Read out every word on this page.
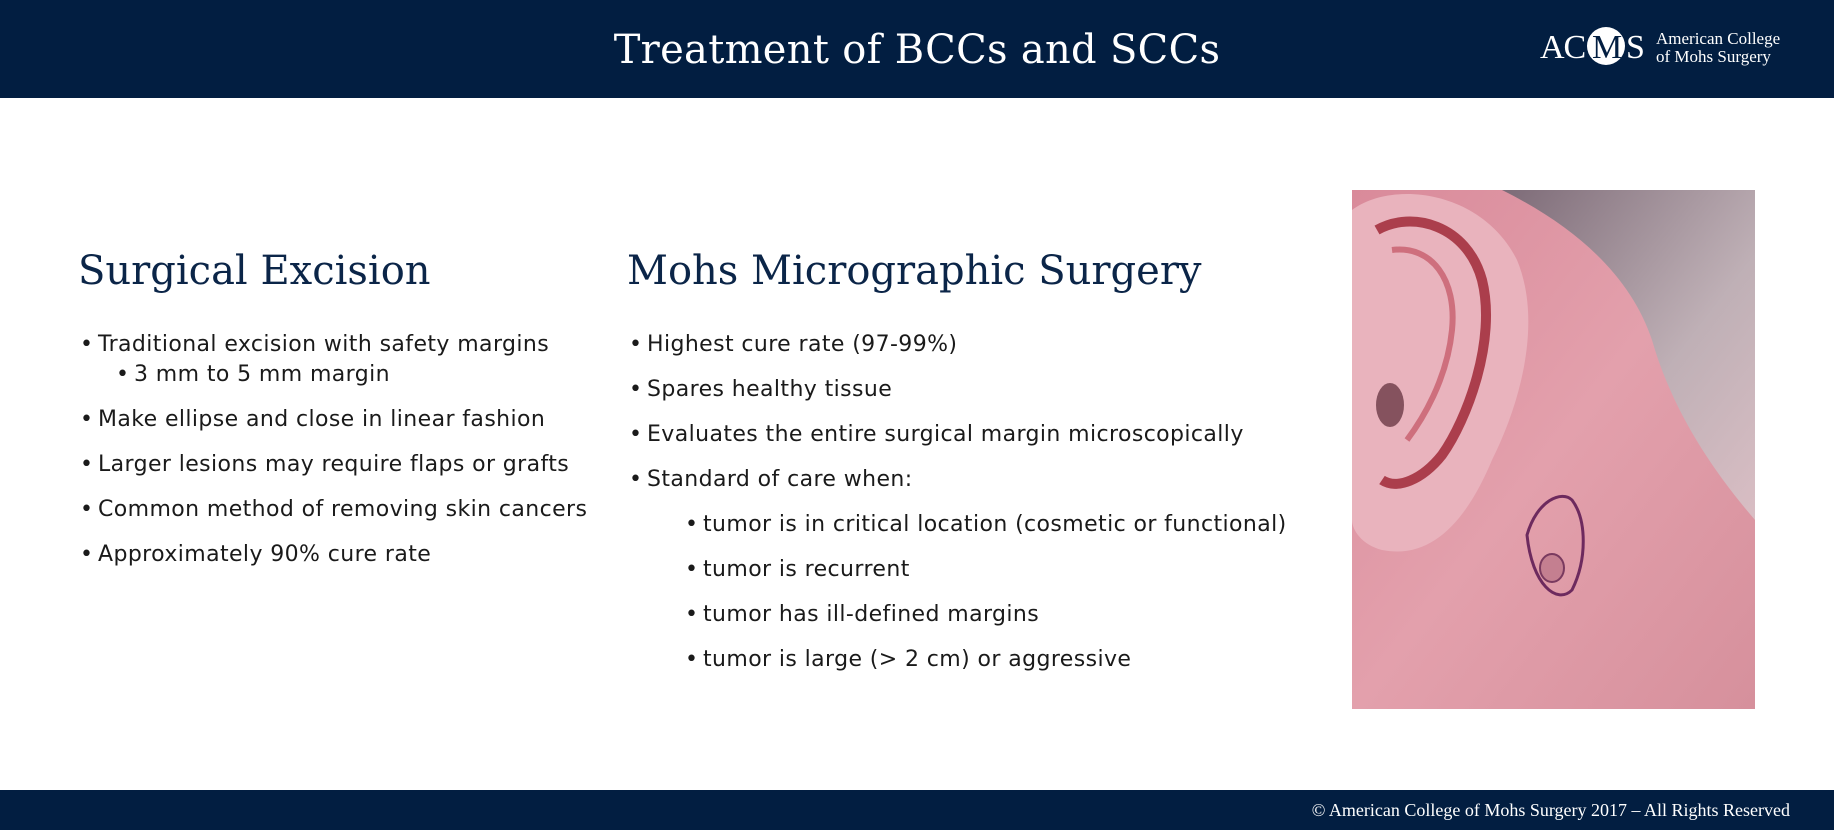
Treatment of BCCs and SCCs	AC M S American College
of Mohs Surgery
Surgical Excision
• Traditional excision with safety margins
• 3 mm to 5 mm margin
• Make ellipse and close in linear fashion
• Larger lesions may require flaps or grafts
• Common method of removing skin cancers
• Approximately 90% cure rate
Mohs Micrographic Surgery
• Highest cure rate (97-99%)
• Spares healthy tissue
• Evaluates the entire surgical margin microscopically
• Standard of care when:
• tumor is in critical location (cosmetic or functional)
• tumor is recurrent
• tumor has ill-defined margins
• tumor is large (> 2 cm) or aggressive
© American College of Mohs Surgery 2017 – All Rights Reserved
